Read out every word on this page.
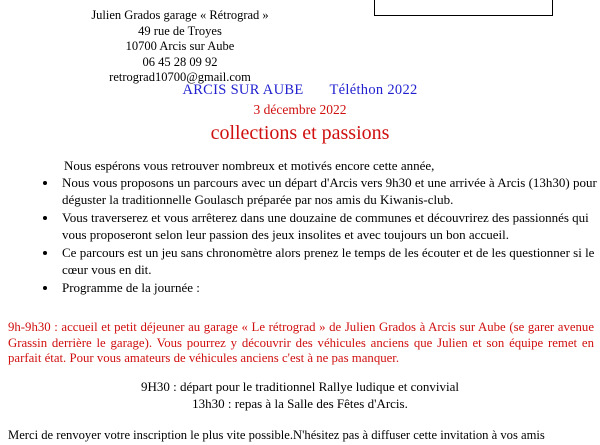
Julien Grados garage « Rétrograd »
49 rue de Troyes
10700 Arcis sur Aube
06 45 28 09 92
retrograd10700@gmail.com
ARCIS SUR AUBE Téléthon 2022
3 décembre 2022
collections et passions
Nous espérons vous retrouver nombreux et motivés encore cette année,
• Nous vous proposons un parcours avec un départ d'Arcis vers 9h30 et une arrivée à Arcis (13h30) pour déguster la traditionnelle Goulasch préparée par nos amis du Kiwanis-club.
• Vous traverserez et vous arrêterez dans une douzaine de communes et découvrirez des passionnés qui vous proposeront selon leur passion des jeux insolites et avec toujours un bon accueil.
• Ce parcours est un jeu sans chronomètre alors prenez le temps de les écouter et de les questionner si le cœur vous en dit.
• Programme de la journée :
9h-9h30 : accueil et petit déjeuner au garage « Le rétrograd » de Julien Grados à Arcis sur Aube (se garer avenue Grassin derrière le garage). Vous pourrez y découvrir des véhicules anciens que Julien et son équipe remet en parfait état. Pour vous amateurs de véhicules anciens c'est à ne pas manquer.
9H30 : départ pour le traditionnel Rallye ludique et convivial
13h30 : repas à la Salle des Fêtes d'Arcis.
Merci de renvoyer votre inscription le plus vite possible.N'hésitez pas à diffuser cette invitation à vos amis
